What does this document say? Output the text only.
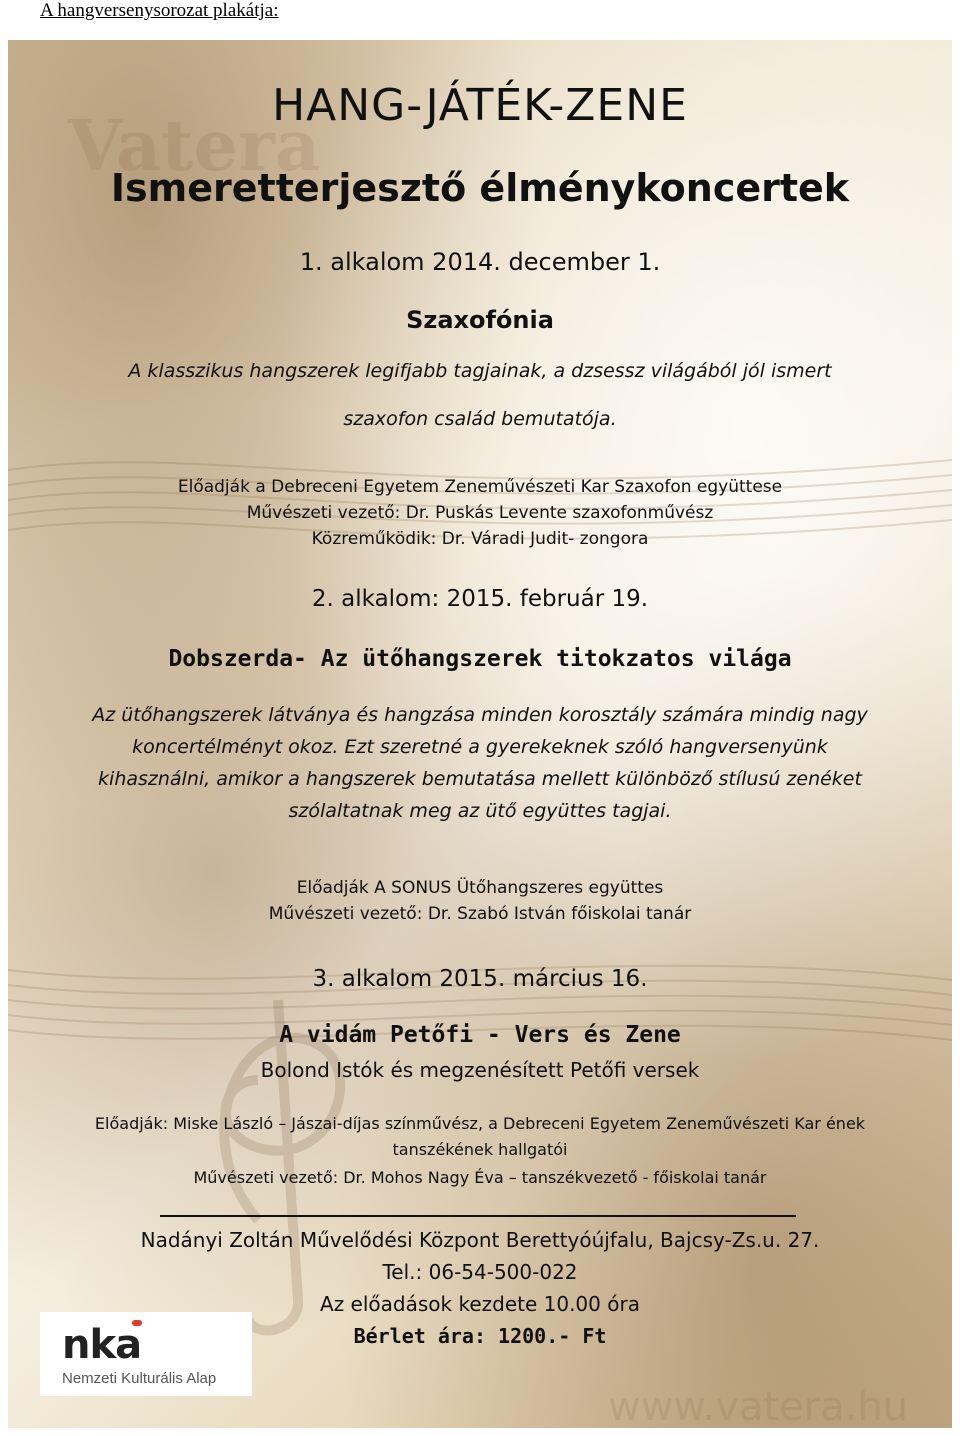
A hangversenysorozat plakátja:
Vatera
www.vatera.hu
HANG-JÁTÉK-ZENE
Ismeretterjesztő élménykoncertek
1. alkalom 2014. december 1.
Szaxofónia
A klasszikus hangszerek legifjabb tagjainak, a dzsessz világából jól ismert
szaxofon család bemutatója.
Előadják a Debreceni Egyetem Zeneművészeti Kar Szaxofon együttese
Művészeti vezető: Dr. Puskás Levente szaxofonművész
Közreműködik: Dr. Váradi Judit- zongora
2. alkalom: 2015. február 19.
Dobszerda- Az ütőhangszerek titokzatos világa
Az ütőhangszerek látványa és hangzása minden korosztály számára mindig nagy
koncertélményt okoz. Ezt szeretné a gyerekeknek szóló hangversenyünk
kihasználni, amikor a hangszerek bemutatása mellett különböző stílusú zenéket
szólaltatnak meg az ütő együttes tagjai.
Előadják A SONUS Ütőhangszeres együttes
Művészeti vezető: Dr. Szabó István főiskolai tanár
3. alkalom 2015. március 16.
A vidám Petőfi - Vers és Zene
Bolond Istók és megzenésített Petőfi versek
Előadják: Miske László – Jászai-díjas színművész, a Debreceni Egyetem Zeneművészeti Kar ének
tanszékének hallgatói
Művészeti vezető: Dr. Mohos Nagy Éva – tanszékvezető - főiskolai tanár
Nadányi Zoltán Művelődési Központ Berettyóújfalu, Bajcsy-Zs.u. 27.
Tel.: 06-54-500-022
Az előadások kezdete 10.00 óra
Bérlet ára: 1200.- Ft
nka
Nemzeti Kulturális Alap
